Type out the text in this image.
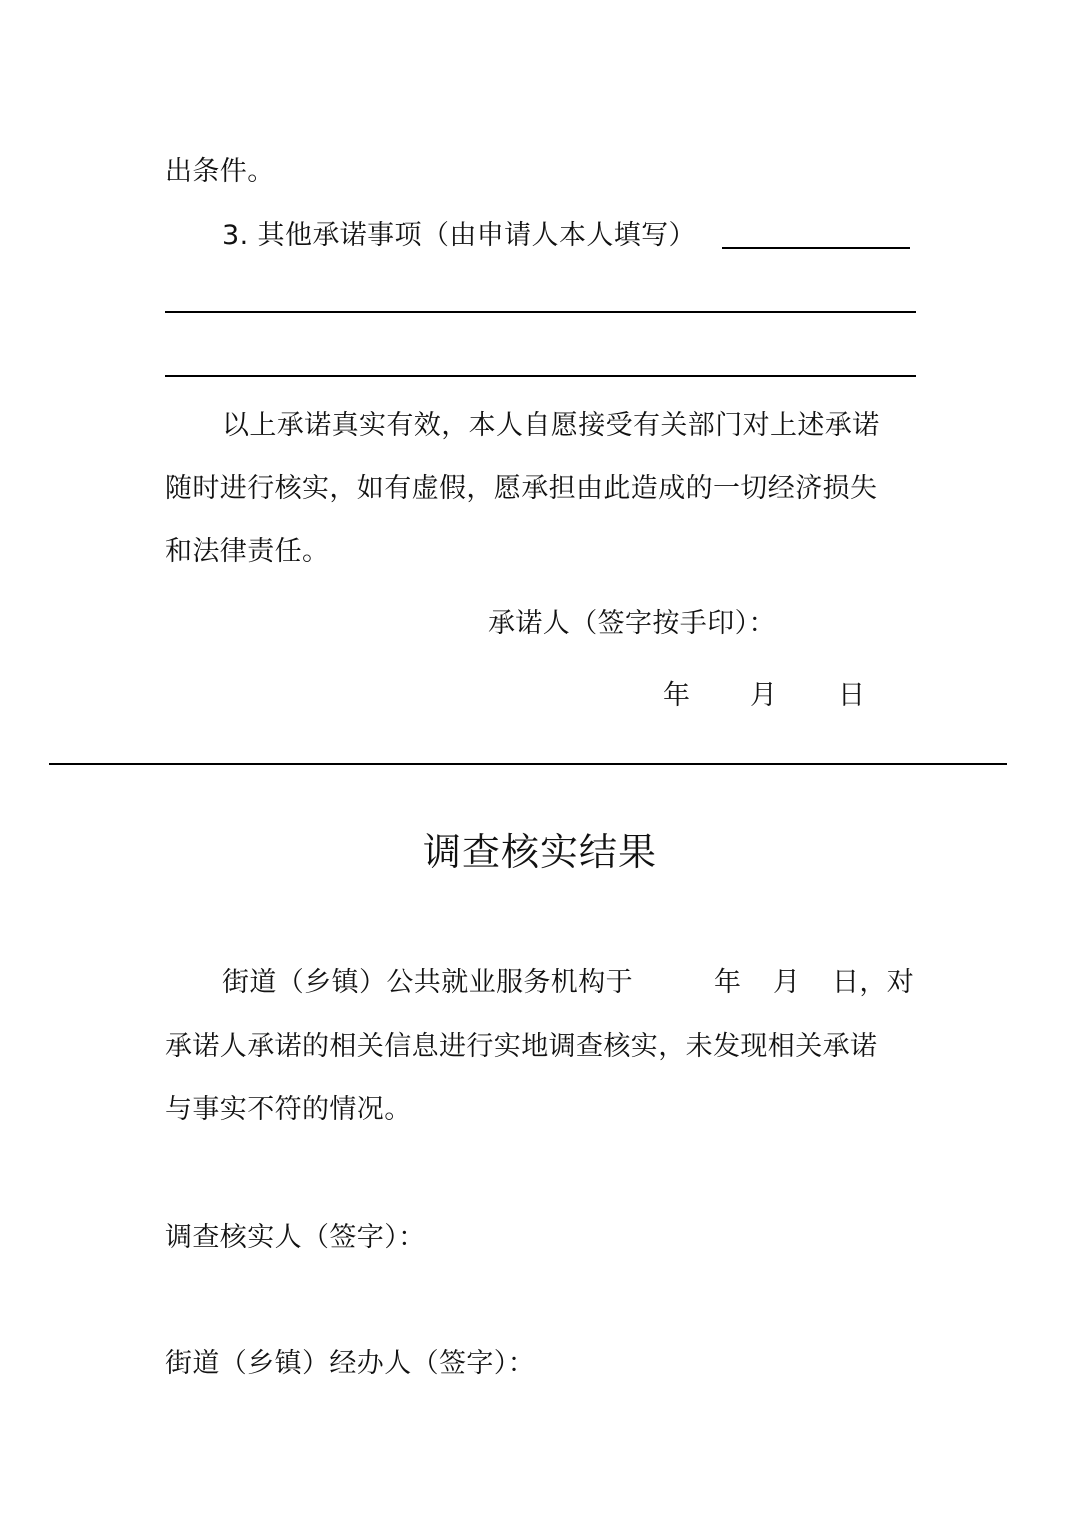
出条件。
3. 其他承诺事项（由申请人本人填写）
以上承诺真实有效，本人自愿接受有关部门对上述承诺
随时进行核实，如有虚假，愿承担由此造成的一切经济损失
和法律责任。
承诺人（签字按手印）：
年 月 日
调查核实结果
街道（乡镇）公共就业服务机构于	年 月 日，对
承诺人承诺的相关信息进行实地调查核实，未发现相关承诺
与事实不符的情况。
调查核实人（签字）：
街道（乡镇）经办人（签字）：
